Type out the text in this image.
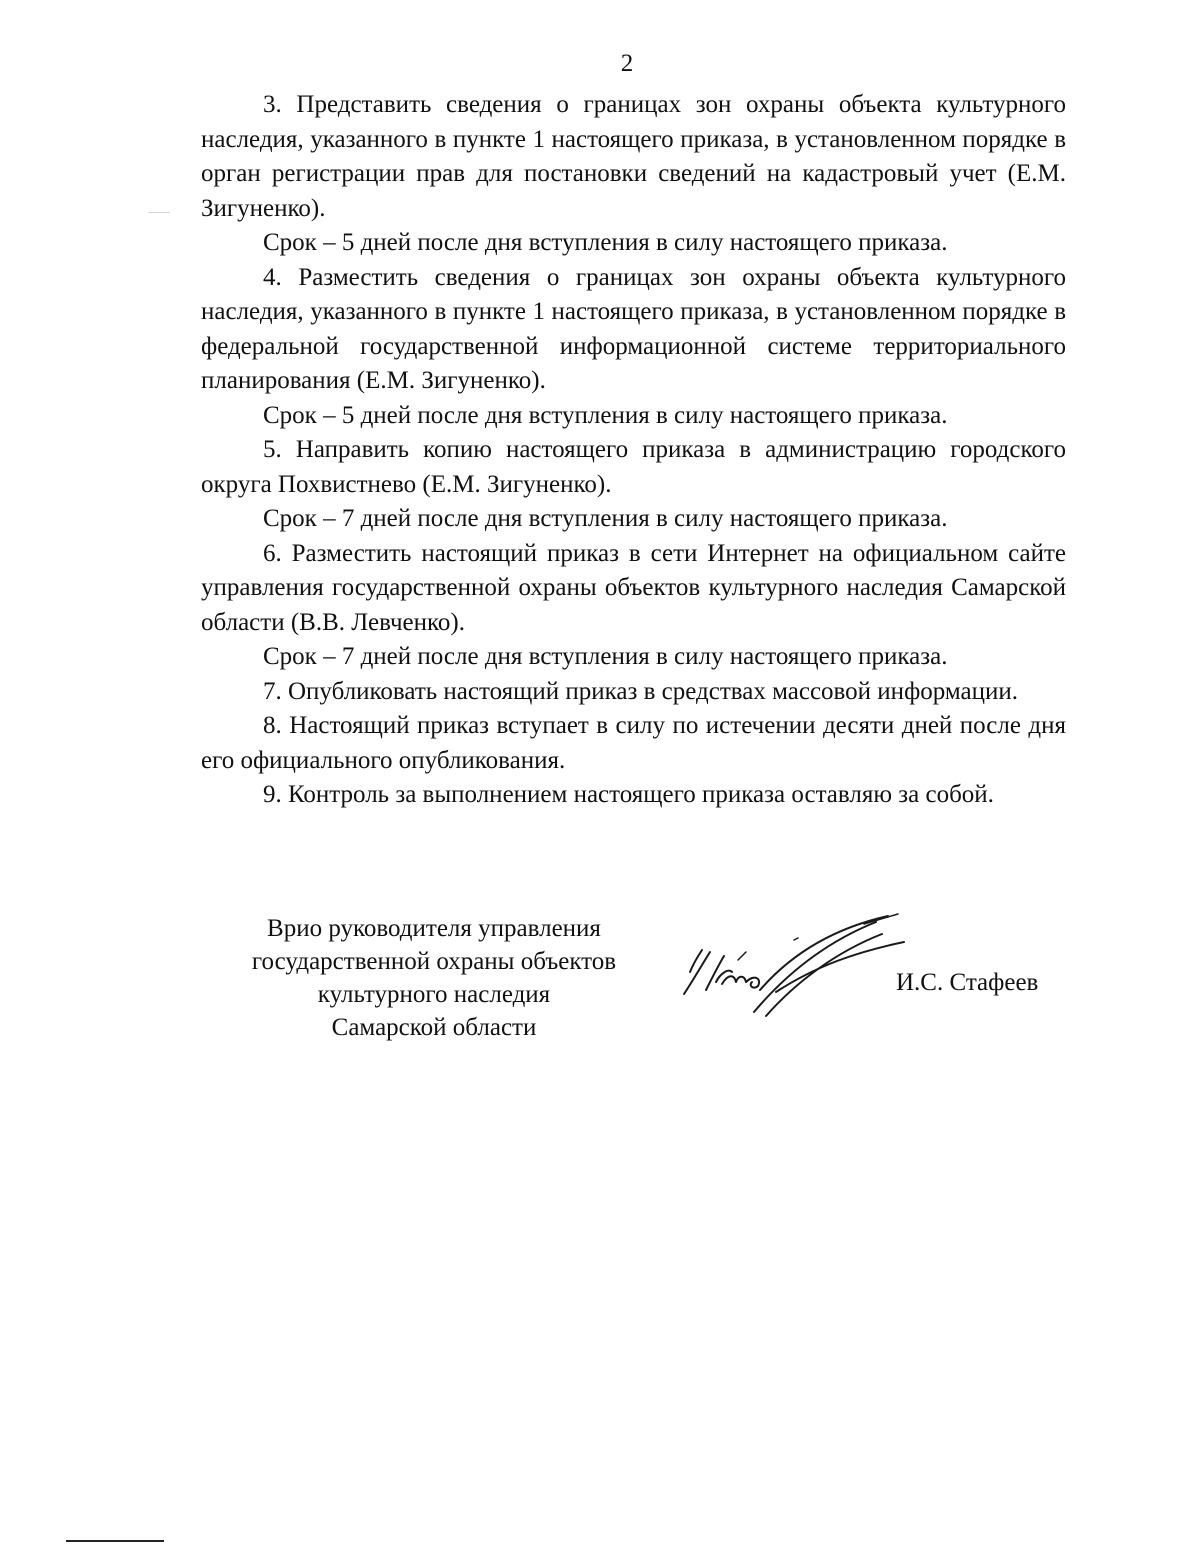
2

3. Представить сведения о границах зон охраны объекта культурного наследия, указанного в пункте 1 настоящего приказа, в установленном порядке в орган регистрации прав для постановки сведений на кадастровый учет (Е.М. Зигуненко).

Срок – 5 дней после дня вступления в силу настоящего приказа.

4. Разместить сведения о границах зон охраны объекта культурного наследия, указанного в пункте 1 настоящего приказа, в установленном порядке в федеральной государственной информационной системе территориального планирования (Е.М. Зигуненко).

Срок – 5 дней после дня вступления в силу настоящего приказа.

5. Направить копию настоящего приказа в администрацию городского округа Похвистнево (Е.М. Зигуненко).

Срок – 7 дней после дня вступления в силу настоящего приказа.

6. Разместить настоящий приказ в сети Интернет на официальном сайте управления государственной охраны объектов культурного наследия Самарской области (В.В. Левченко).

Срок – 7 дней после дня вступления в силу настоящего приказа.

7. Опубликовать настоящий приказ в средствах массовой информации.

8. Настоящий приказ вступает в силу по истечении десяти дней после дня его официального опубликования.

9. Контроль за выполнением настоящего приказа оставляю за собой.

Врио руководителя управления
государственной охраны объектов
культурного наследия
Самарской области
И.С. Стафеев
